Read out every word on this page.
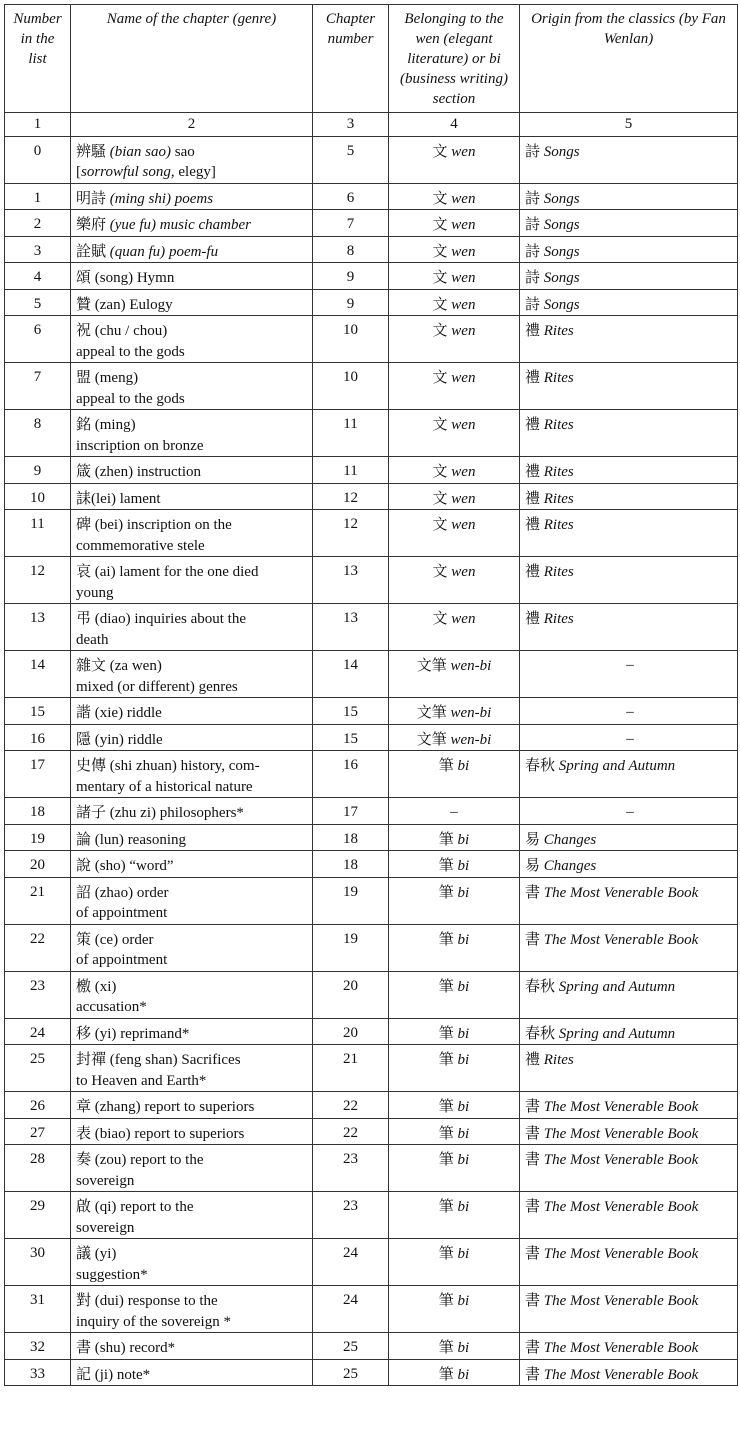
Number in the list	Name of the chapter (genre)	Chapter number	Belonging to the wen (elegant literature) or bi (business writing) section	Origin from the classics (by Fan Wenlan)
1	2	3	4	5
0	辨騷 (bian sao) sao
[sorrowful song, elegy]	5	文 wen	詩 Songs
1	明詩 (ming shi) poems	6	文 wen	詩 Songs
2	樂府 (yue fu) music chamber	7	文 wen	詩 Songs
3	詮賦 (quan fu) poem-fu	8	文 wen	詩 Songs
4	頌 (song) Hymn	9	文 wen	詩 Songs
5	贊 (zan) Eulogy	9	文 wen	詩 Songs
6	祝 (chu / chou)
appeal to the gods	10	文 wen	禮 Rites
7	盟 (meng)
appeal to the gods	10	文 wen	禮 Rites
8	銘 (ming)
inscription on bronze	11	文 wen	禮 Rites
9	箴 (zhen) instruction	11	文 wen	禮 Rites
10	誄(lei) lament	12	文 wen	禮 Rites
11	碑 (bei) inscription on the
commemorative stele	12	文 wen	禮 Rites
12	哀 (ai) lament for the one died
young	13	文 wen	禮 Rites
13	弔 (diao) inquiries about the
death	13	文 wen	禮 Rites
14	雜文 (za wen)
mixed (or different) genres	14	文筆 wen-bi	–
15	諧 (xie) riddle	15	文筆 wen-bi	–
16	隱 (yin) riddle	15	文筆 wen-bi	–
17	史傳 (shi zhuan) history, com-
mentary of a historical nature	16	筆 bi	春秋 Spring and Autumn
18	諸子 (zhu zi) philosophers*	17	–	–
19	論 (lun) reasoning	18	筆 bi	易 Changes
20	說 (sho) “word”	18	筆 bi	易 Changes
21	詔 (zhao) order
of appointment	19	筆 bi	書 The Most Venerable Book
22	策 (ce) order
of appointment	19	筆 bi	書 The Most Venerable Book
23	檄 (xi)
accusation*	20	筆 bi	春秋 Spring and Autumn
24	移 (yi) reprimand*	20	筆 bi	春秋 Spring and Autumn
25	封禪 (feng shan) Sacrifices
to Heaven and Earth*	21	筆 bi	禮 Rites
26	章 (zhang) report to superiors	22	筆 bi	書 The Most Venerable Book
27	表 (biao) report to superiors	22	筆 bi	書 The Most Venerable Book
28	奏 (zou) report to the
sovereign	23	筆 bi	書 The Most Venerable Book
29	啟 (qi) report to the
sovereign	23	筆 bi	書 The Most Venerable Book
30	議 (yi)
suggestion*	24	筆 bi	書 The Most Venerable Book
31	對 (dui) response to the
inquiry of the sovereign *	24	筆 bi	書 The Most Venerable Book
32	書 (shu) record*	25	筆 bi	書 The Most Venerable Book
33	記 (ji) note*	25	筆 bi	書 The Most Venerable Book
